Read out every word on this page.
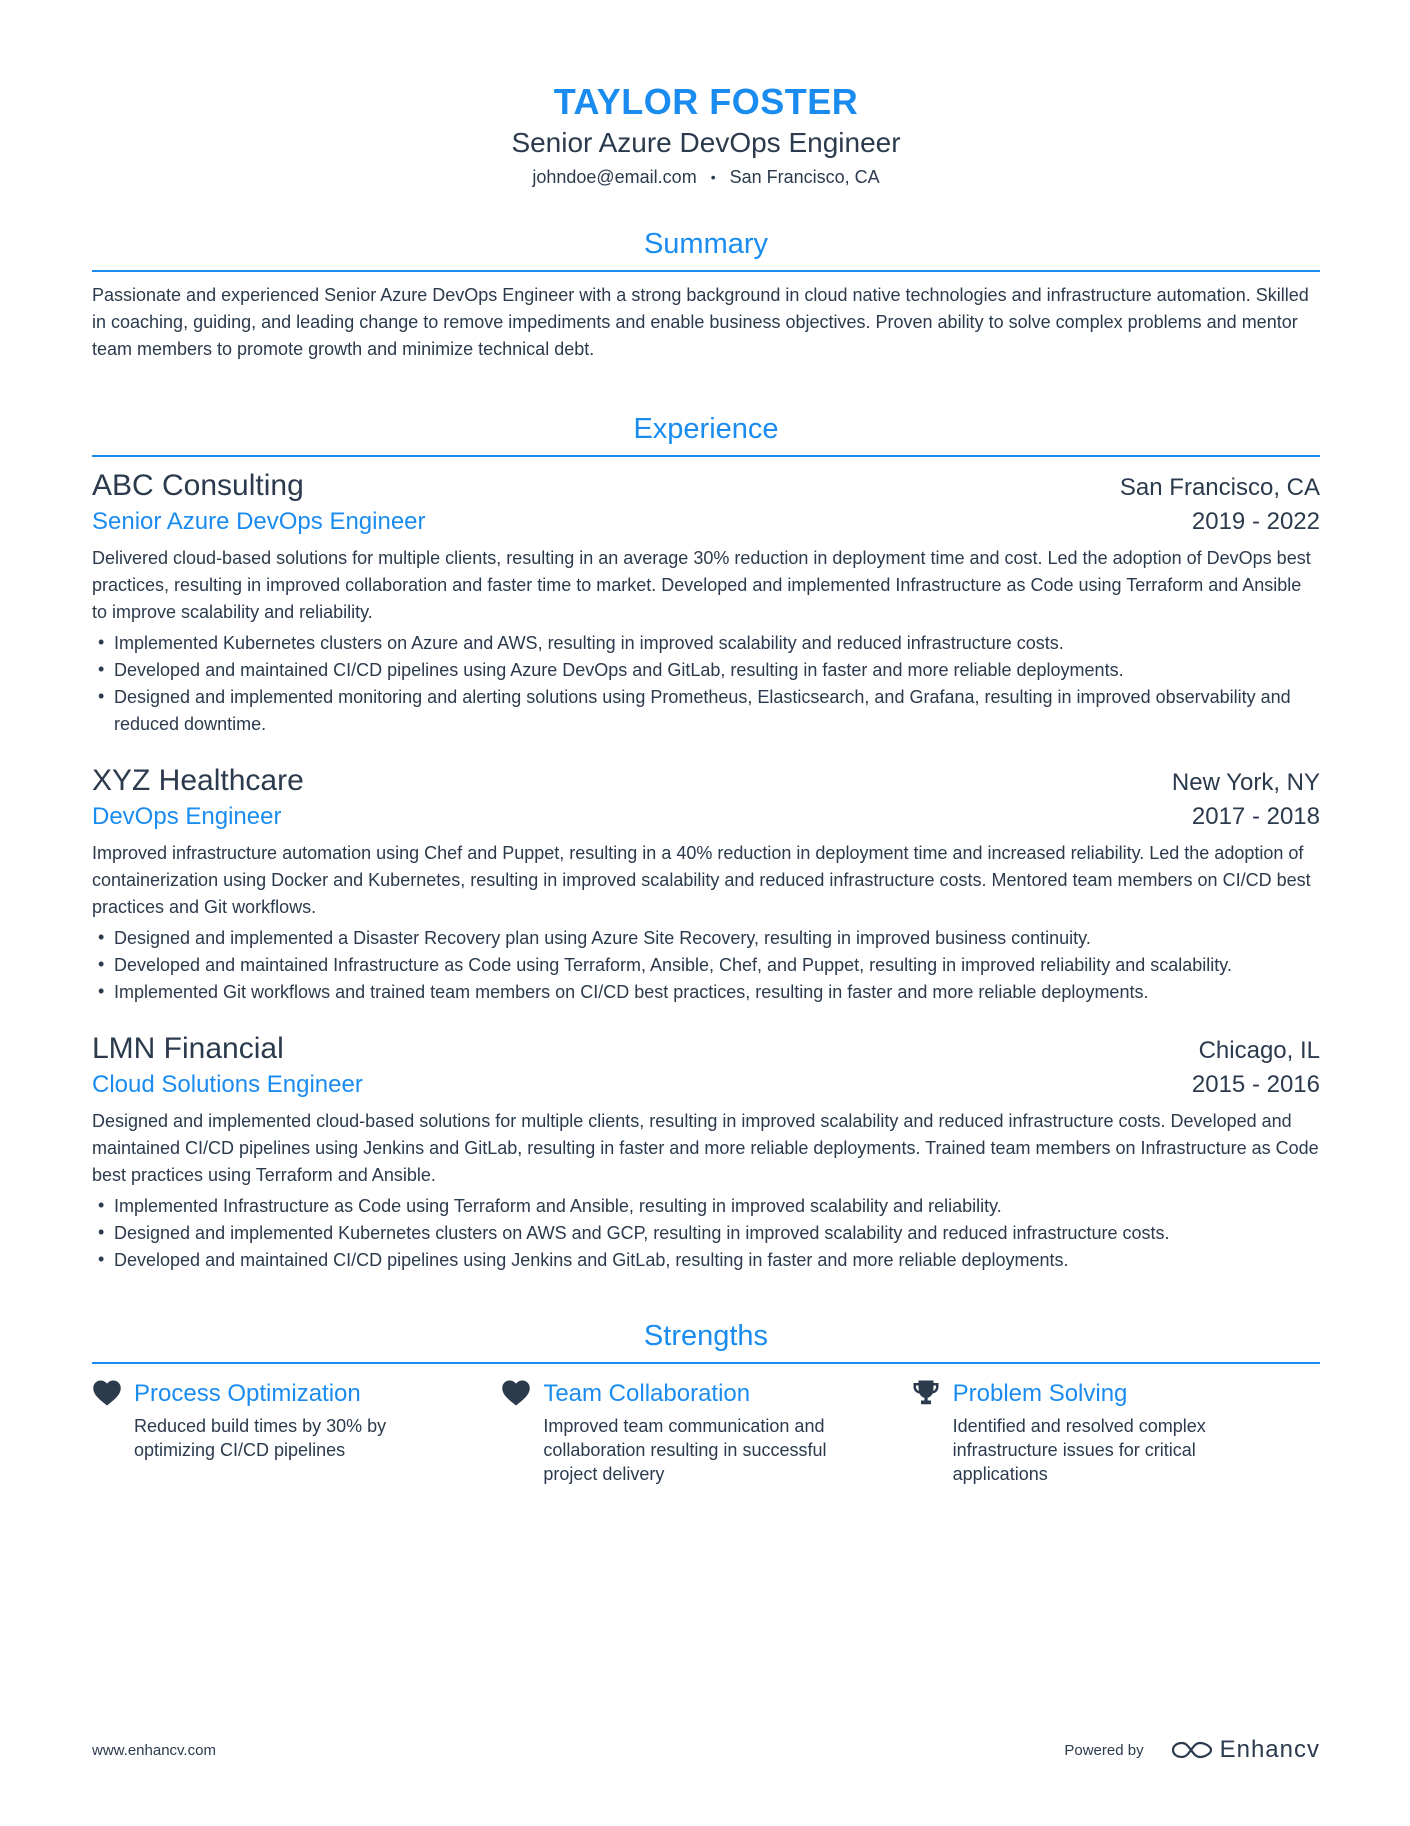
TAYLOR FOSTER
Senior Azure DevOps Engineer
johndoe@email.com • San Francisco, CA
Summary
Passionate and experienced Senior Azure DevOps Engineer with a strong background in cloud native technologies and infrastructure automation. Skilled in coaching, guiding, and leading change to remove impediments and enable business objectives. Proven ability to solve complex problems and mentor team members to promote growth and minimize technical debt.
Experience
ABC Consulting	San Francisco, CA
Senior Azure DevOps Engineer	2019 - 2022
Delivered cloud-based solutions for multiple clients, resulting in an average 30% reduction in deployment time and cost. Led the adoption of DevOps best practices, resulting in improved collaboration and faster time to market. Developed and implemented Infrastructure as Code using Terraform and Ansible to improve scalability and reliability.
• Implemented Kubernetes clusters on Azure and AWS, resulting in improved scalability and reduced infrastructure costs.
• Developed and maintained CI/CD pipelines using Azure DevOps and GitLab, resulting in faster and more reliable deployments.
• Designed and implemented monitoring and alerting solutions using Prometheus, Elasticsearch, and Grafana, resulting in improved observability and reduced downtime.
XYZ Healthcare	New York, NY
DevOps Engineer	2017 - 2018
Improved infrastructure automation using Chef and Puppet, resulting in a 40% reduction in deployment time and increased reliability. Led the adoption of containerization using Docker and Kubernetes, resulting in improved scalability and reduced infrastructure costs. Mentored team members on CI/CD best practices and Git workflows.
• Designed and implemented a Disaster Recovery plan using Azure Site Recovery, resulting in improved business continuity.
• Developed and maintained Infrastructure as Code using Terraform, Ansible, Chef, and Puppet, resulting in improved reliability and scalability.
• Implemented Git workflows and trained team members on CI/CD best practices, resulting in faster and more reliable deployments.
LMN Financial	Chicago, IL
Cloud Solutions Engineer	2015 - 2016
Designed and implemented cloud-based solutions for multiple clients, resulting in improved scalability and reduced infrastructure costs. Developed and maintained CI/CD pipelines using Jenkins and GitLab, resulting in faster and more reliable deployments. Trained team members on Infrastructure as Code best practices using Terraform and Ansible.
• Implemented Infrastructure as Code using Terraform and Ansible, resulting in improved scalability and reliability.
• Designed and implemented Kubernetes clusters on AWS and GCP, resulting in improved scalability and reduced infrastructure costs.
• Developed and maintained CI/CD pipelines using Jenkins and GitLab, resulting in faster and more reliable deployments.
Strengths
Process Optimization
Reduced build times by 30% by optimizing CI/CD pipelines
Team Collaboration
Improved team communication and collaboration resulting in successful project delivery
Problem Solving
Identified and resolved complex infrastructure issues for critical applications
www.enhancv.com	Powered by	Enhancv
